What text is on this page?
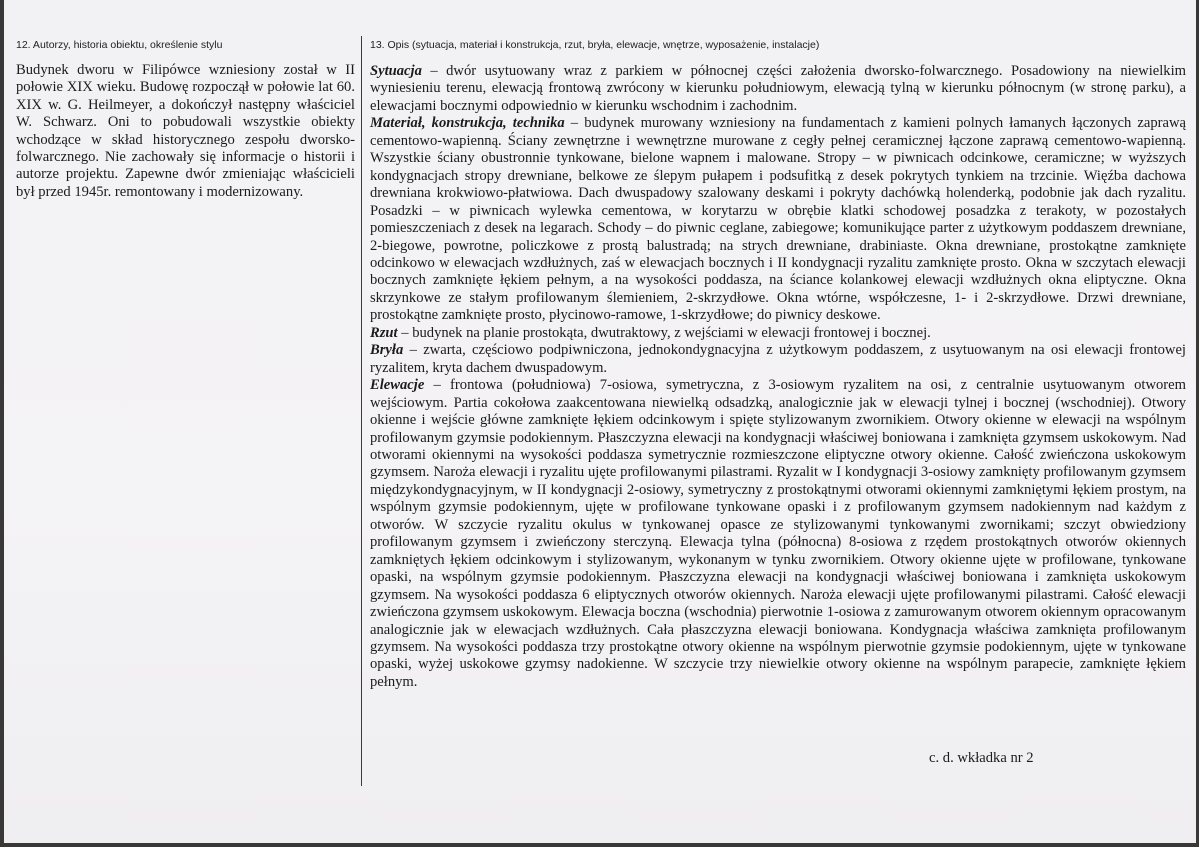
12. Autorzy, historia obiektu, określenie stylu	13. Opis (sytuacja, materiał i konstrukcja, rzut, bryła, elewacje, wnętrze, wyposażenie, instalacje)
Budynek dworu w Filipówce wzniesiony został w II połowie XIX wieku. Budowę rozpoczął w połowie lat 60. XIX w. G. Heilmeyer, a dokończył następny właściciel W. Schwarz. Oni to pobudowali wszystkie obiekty wchodzące w skład historycznego zespołu dworsko-folwarcznego. Nie zachowały się informacje o historii i autorze projektu. Zapewne dwór zmieniając właścicieli był przed 1945r. remontowany i modernizowany.

Sytuacja – dwór usytuowany wraz z parkiem w północnej części założenia dworsko-folwarcznego. Posadowiony na niewielkim wyniesieniu terenu, elewacją frontową zwrócony w kierunku południowym, elewacją tylną w kierunku północnym (w stronę parku), a elewacjami bocznymi odpowiednio w kierunku wschodnim i zachodnim.

Materiał, konstrukcja, technika – budynek murowany wzniesiony na fundamentach z kamieni polnych łamanych łączonych zaprawą cementowo-wapienną. Ściany zewnętrzne i wewnętrzne murowane z cegły pełnej ceramicznej łączone zaprawą cementowo-wapienną. Wszystkie ściany obustronnie tynkowane, bielone wapnem i malowane. Stropy – w piwnicach odcinkowe, ceramiczne; w wyższych kondygnacjach stropy drewniane, belkowe ze ślepym pułapem i podsufitką z desek pokrytych tynkiem na trzcinie. Więźba dachowa drewniana krokwiowo-płatwiowa. Dach dwuspadowy szalowany deskami i pokryty dachówką holenderką, podobnie jak dach ryzalitu. Posadzki – w piwnicach wylewka cementowa, w korytarzu w obrębie klatki schodowej posadzka z terakoty, w pozostałych pomieszczeniach z desek na legarach. Schody – do piwnic ceglane, zabiegowe; komunikujące parter z użytkowym poddaszem drewniane, 2-biegowe, powrotne, policzkowe z prostą balustradą; na strych drewniane, drabiniaste. Okna drewniane, prostokątne zamknięte odcinkowo w elewacjach wzdłużnych, zaś w elewacjach bocznych i II kondygnacji ryzalitu zamknięte prosto. Okna w szczytach elewacji bocznych zamknięte łękiem pełnym, a na wysokości poddasza, na ściance kolankowej elewacji wzdłużnych okna eliptyczne. Okna skrzynkowe ze stałym profilowanym ślemieniem, 2-skrzydłowe. Okna wtórne, współczesne, 1- i 2-skrzydłowe. Drzwi drewniane, prostokątne zamknięte prosto, płycinowo-ramowe, 1-skrzydłowe; do piwnicy deskowe.

Rzut – budynek na planie prostokąta, dwutraktowy, z wejściami w elewacji frontowej i bocznej.

Bryła – zwarta, częściowo podpiwniczona, jednokondygnacyjna z użytkowym poddaszem, z usytuowanym na osi elewacji frontowej ryzalitem, kryta dachem dwuspadowym.

Elewacje – frontowa (południowa) 7-osiowa, symetryczna, z 3-osiowym ryzalitem na osi, z centralnie usytuowanym otworem wejściowym. Partia cokołowa zaakcentowana niewielką odsadzką, analogicznie jak w elewacji tylnej i bocznej (wschodniej). Otwory okienne i wejście główne zamknięte łękiem odcinkowym i spięte stylizowanym zwornikiem. Otwory okienne w elewacji na wspólnym profilowanym gzymsie podokiennym. Płaszczyzna elewacji na kondygnacji właściwej boniowana i zamknięta gzymsem uskokowym. Nad otworami okiennymi na wysokości poddasza symetrycznie rozmieszczone eliptyczne otwory okienne. Całość zwieńczona uskokowym gzymsem. Naroża elewacji i ryzalitu ujęte profilowanymi pilastrami. Ryzalit w I kondygnacji 3-osiowy zamknięty profilowanym gzymsem międzykondygnacyjnym, w II kondygnacji 2-osiowy, symetryczny z prostokątnymi otworami okiennymi zamkniętymi łękiem prostym, na wspólnym gzymsie podokiennym, ujęte w profilowane tynkowane opaski i z profilowanym gzymsem nadokiennym nad każdym z otworów. W szczycie ryzalitu okulus w tynkowanej opasce ze stylizowanymi tynkowanymi zwornikami; szczyt obwiedziony profilowanym gzymsem i zwieńczony sterczyną. Elewacja tylna (północna) 8-osiowa z rzędem prostokątnych otworów okiennych zamkniętych łękiem odcinkowym i stylizowanym, wykonanym w tynku zwornikiem. Otwory okienne ujęte w profilowane, tynkowane opaski, na wspólnym gzymsie podokiennym. Płaszczyzna elewacji na kondygnacji właściwej boniowana i zamknięta uskokowym gzymsem. Na wysokości poddasza 6 eliptycznych otworów okiennych. Naroża elewacji ujęte profilowanymi pilastrami. Całość elewacji zwieńczona gzymsem uskokowym. Elewacja boczna (wschodnia) pierwotnie 1-osiowa z zamurowanym otworem okiennym opracowanym analogicznie jak w elewacjach wzdłużnych. Cała płaszczyzna elewacji boniowana. Kondygnacja właściwa zamknięta profilowanym gzymsem. Na wysokości poddasza trzy prostokątne otwory okienne na wspólnym pierwotnie gzymsie podokiennym, ujęte w tynkowane opaski, wyżej uskokowe gzymsy nadokienne. W szczycie trzy niewielkie otwory okienne na wspólnym parapecie, zamknięte łękiem pełnym.

c. d. wkładka nr 2
